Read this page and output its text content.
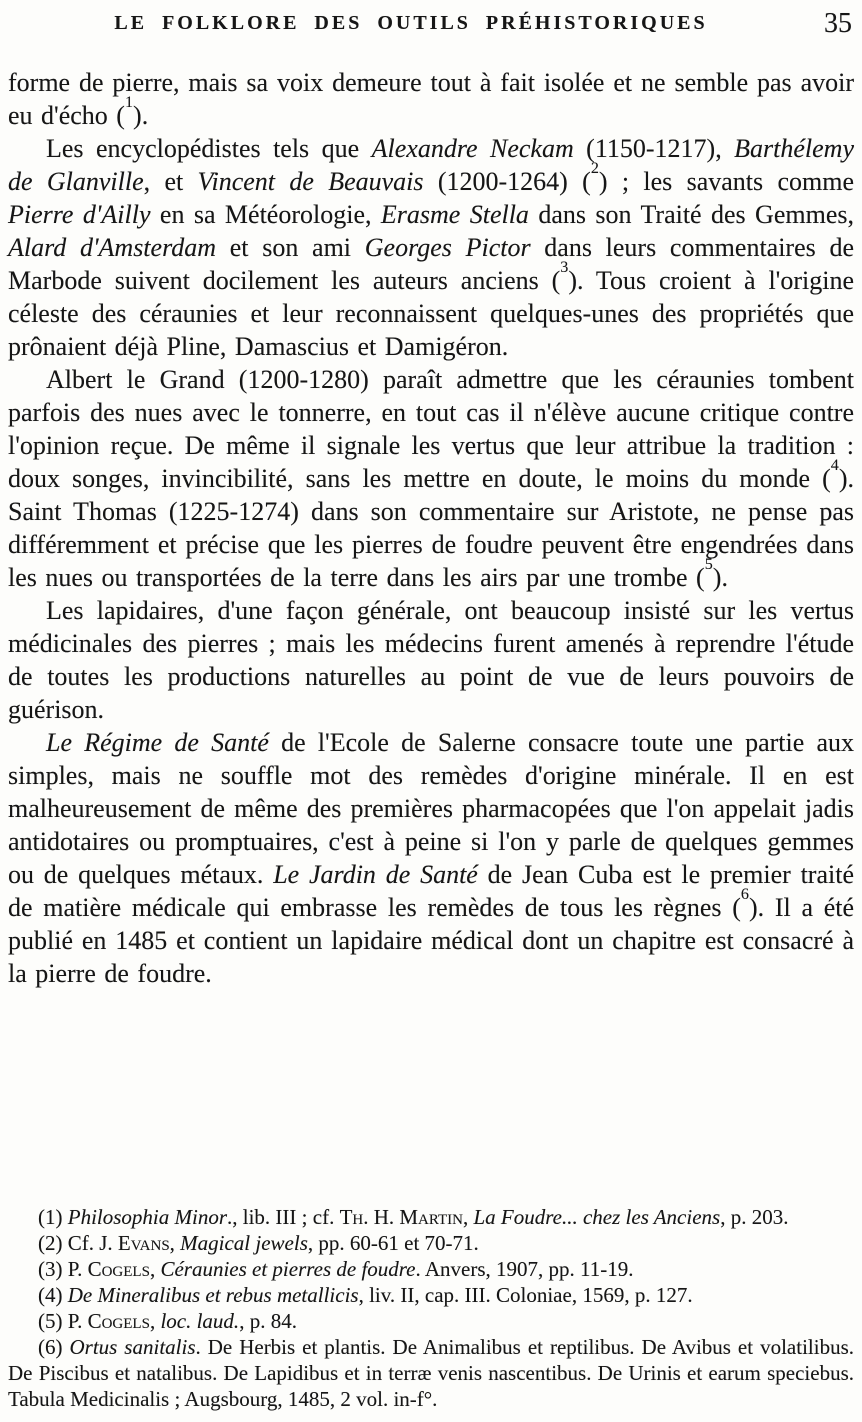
LE FOLKLORE DES OUTILS PRÉHISTORIQUES	35

forme de pierre, mais sa voix demeure tout à fait isolée et ne semble pas avoir eu d'écho ($^1$).

Les encyclopédistes tels que Alexandre Neckam (1150-1217), Barthélemy de Glanville, et Vincent de Beauvais (1200-1264) ($^2$) ; les savants comme Pierre d'Ailly en sa Météorologie, Erasme Stella dans son Traité des Gemmes, Alard d'Amsterdam et son ami Georges Pictor dans leurs commentaires de Marbode suivent docilement les auteurs anciens ($^3$). Tous croient à l'origine céleste des céraunies et leur reconnaissent quelques-unes des propriétés que prônaient déjà Pline, Damascius et Damigéron.

Albert le Grand (1200-1280) paraît admettre que les céraunies tombent parfois des nues avec le tonnerre, en tout cas il n'élève aucune critique contre l'opinion reçue. De même il signale les vertus que leur attribue la tradition : doux songes, invincibilité, sans les mettre en doute, le moins du monde ($^4$). Saint Thomas (1225-1274) dans son commentaire sur Aristote, ne pense pas différemment et précise que les pierres de foudre peuvent être engendrées dans les nues ou transportées de la terre dans les airs par une trombe ($^5$).

Les lapidaires, d'une façon générale, ont beaucoup insisté sur les vertus médicinales des pierres ; mais les médecins furent amenés à reprendre l'étude de toutes les productions naturelles au point de vue de leurs pouvoirs de guérison.

Le Régime de Santé de l'Ecole de Salerne consacre toute une partie aux simples, mais ne souffle mot des remèdes d'origine minérale. Il en est malheureusement de même des premières pharmacopées que l'on appelait jadis antidotaires ou promptuaires, c'est à peine si l'on y parle de quelques gemmes ou de quelques métaux. Le Jardin de Santé de Jean Cuba est le premier traité de matière médicale qui embrasse les remèdes de tous les règnes ($^6$). Il a été publié en 1485 et contient un lapidaire médical dont un chapitre est consacré à la pierre de foudre.

(1) Philosophia Minor., lib. III ; cf. Th. H. Martin, La Foudre... chez les Anciens, p. 203.

(2) Cf. J. Evans, Magical jewels, pp. 60-61 et 70-71.

(3) P. Cogels, Céraunies et pierres de foudre. Anvers, 1907, pp. 11-19.

(4) De Mineralibus et rebus metallicis, liv. II, cap. III. Coloniae, 1569, p. 127.

(5) P. Cogels, loc. laud., p. 84.

(6) Ortus sanitalis. De Herbis et plantis. De Animalibus et reptilibus. De Avibus et volatilibus. De Piscibus et natalibus. De Lapidibus et in terræ venis nascentibus. De Urinis et earum speciebus. Tabula Medicinalis ; Augsbourg, 1485, 2 vol. in-f°.
